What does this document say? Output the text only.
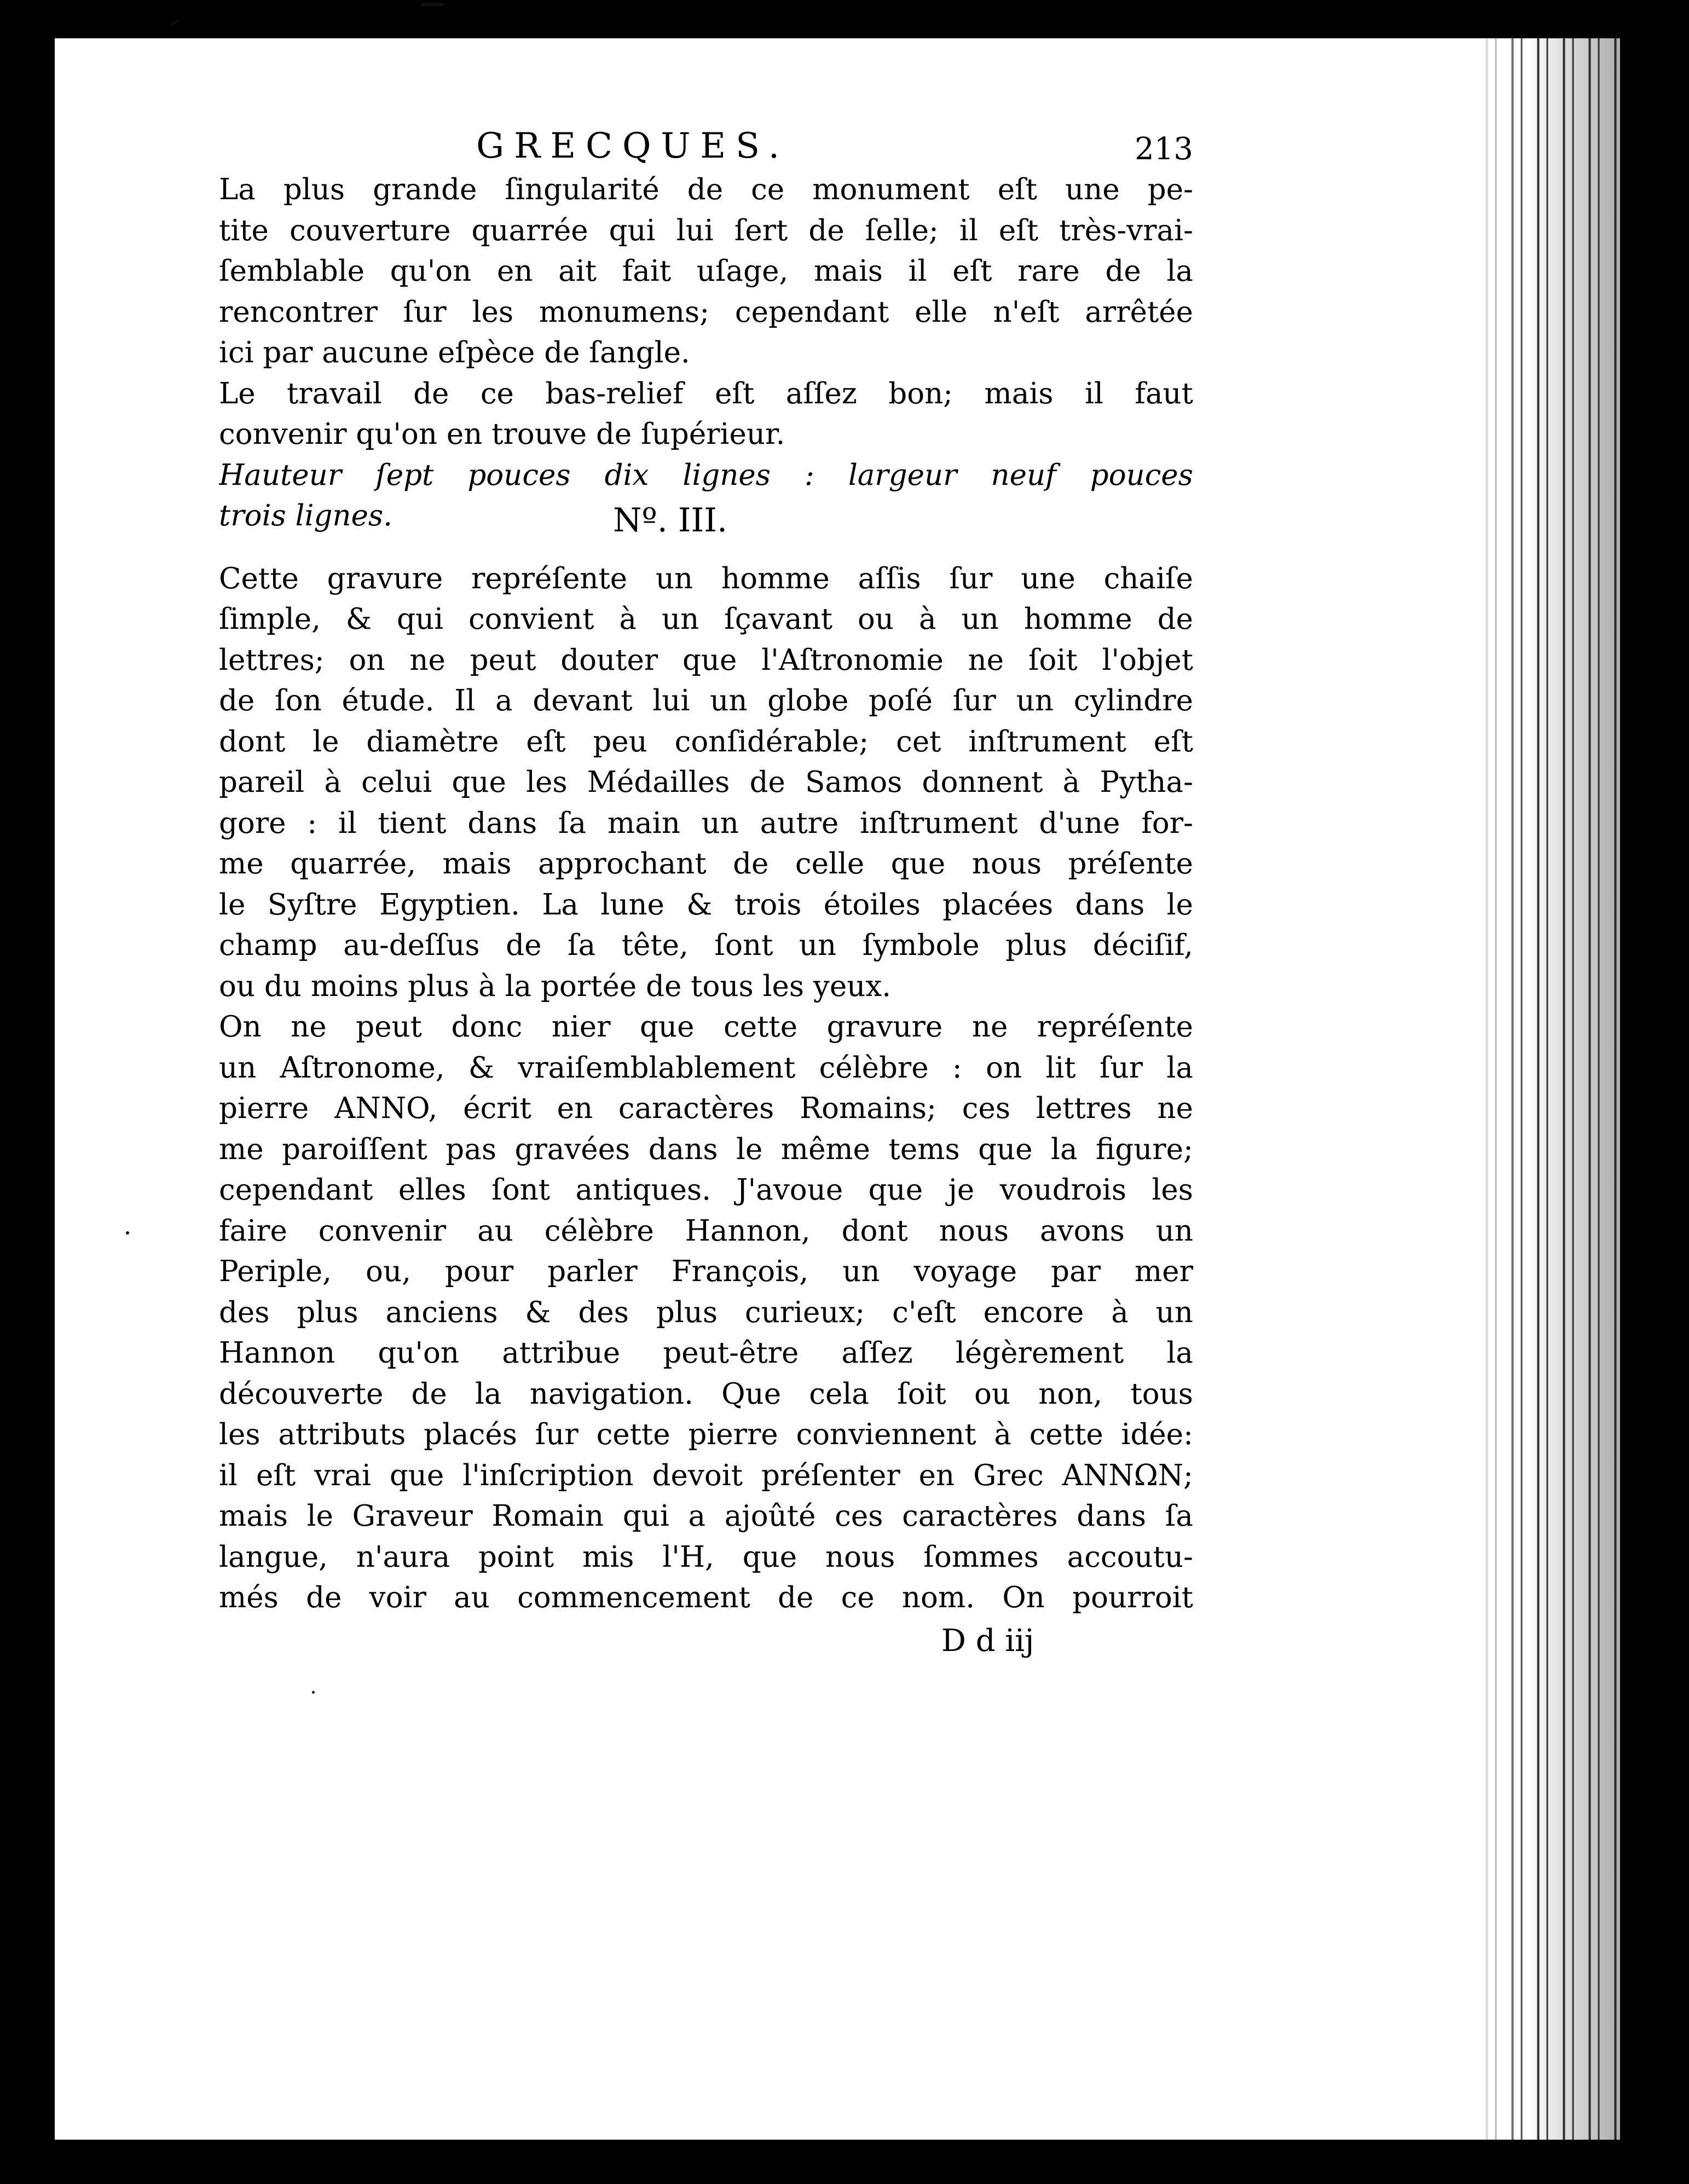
GRECQUES.	213
La plus grande ſingularité de ce monument eſt une pe-
tite couverture quarrée qui lui ſert de ſelle; il eſt très-vrai-
ſemblable qu'on en ait fait uſage, mais il eſt rare de la
rencontrer ſur les monumens; cependant elle n'eſt arrêtée
ici par aucune eſpèce de ſangle.
Le travail de ce bas-relief eſt aſſez bon; mais il faut
convenir qu'on en trouve de ſupérieur.
Hauteur ſept pouces dix lignes : largeur neuf pouces
trois lignes.	Nº. III.
Cette gravure repréſente un homme aſſis ſur une chaiſe
ſimple, & qui convient à un ſçavant ou à un homme de
lettres; on ne peut douter que l'Aſtronomie ne ſoit l'objet
de ſon étude. Il a devant lui un globe poſé ſur un cylindre
dont le diamètre eſt peu conſidérable; cet inſtrument eſt
pareil à celui que les Médailles de Samos donnent à Pytha-
gore : il tient dans ſa main un autre inſtrument d'une for-
me quarrée, mais approchant de celle que nous préſente
le Syſtre Egyptien. La lune & trois étoiles placées dans le
champ au-deſſus de ſa tête, ſont un ſymbole plus déciſif,
ou du moins plus à la portée de tous les yeux.
On ne peut donc nier que cette gravure ne repréſente
un Aſtronome, & vraiſemblablement célèbre : on lit ſur la
pierre ANNO, écrit en caractères Romains; ces lettres ne
me paroiſſent pas gravées dans le même tems que la figure;
cependant elles ſont antiques. J'avoue que je voudrois les
faire convenir au célèbre Hannon, dont nous avons un
Periple, ou, pour parler François, un voyage par mer
des plus anciens & des plus curieux; c'eſt encore à un
Hannon qu'on attribue peut-être aſſez légèrement la
découverte de la navigation. Que cela ſoit ou non, tous
les attributs placés ſur cette pierre conviennent à cette idée:
il eſt vrai que l'inſcription devoit préſenter en Grec ΑΝΝΩΝ;
mais le Graveur Romain qui a ajoûté ces caractères dans ſa
langue, n'aura point mis l'H, que nous ſommes accoutu-
més de voir au commencement de ce nom. On pourroit
D d iij
